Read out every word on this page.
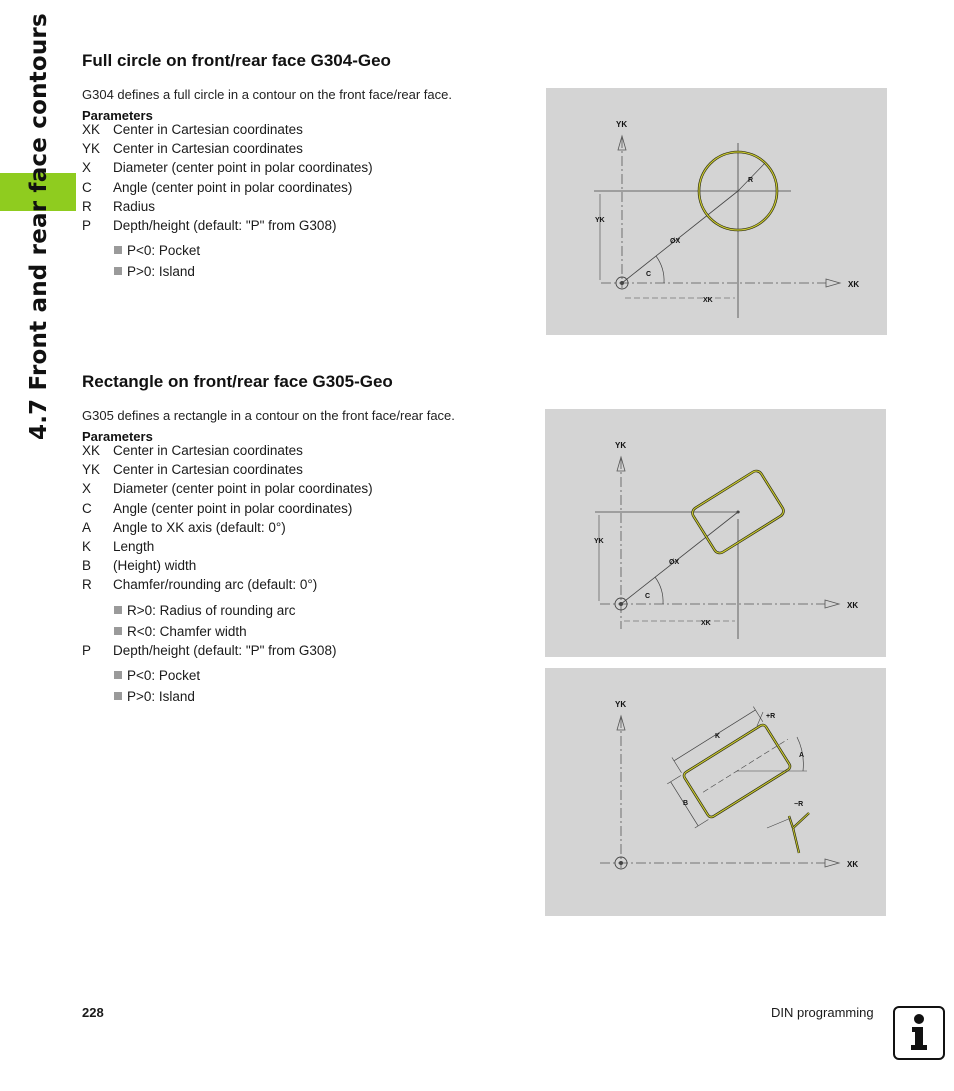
4.7 Front and rear face contours Full circle on front/rear face G304-Geo

G304 defines a full circle in a contour on the front face/rear face.

Parameters
XK Center in Cartesian coordinates
YK Center in Cartesian coordinates
X Diameter (center point in polar coordinates)
C Angle (center point in polar coordinates)
R Radius
P Depth/height (default: "P" from G308)
P<0: Pocket
P>0: Island
YK
XK
YK
XK
ØX
C
R
Rectangle on front/rear face G305-Geo

G305 defines a rectangle in a contour on the front face/rear face.

Parameters
XK Center in Cartesian coordinates
YK Center in Cartesian coordinates
X Diameter (center point in polar coordinates)
C Angle (center point in polar coordinates)
A Angle to XK axis (default: 0°)
K Length
B (Height) width
R Chamfer/rounding arc (default: 0°)
R>0: Radius of rounding arc
R<0: Chamfer width
P Depth/height (default: "P" from G308)
P<0: Pocket
P>0: Island
YK
XK
YK
XK
ØX
C
YK
XK
K
B
A
+R
−R
228	DIN programming
